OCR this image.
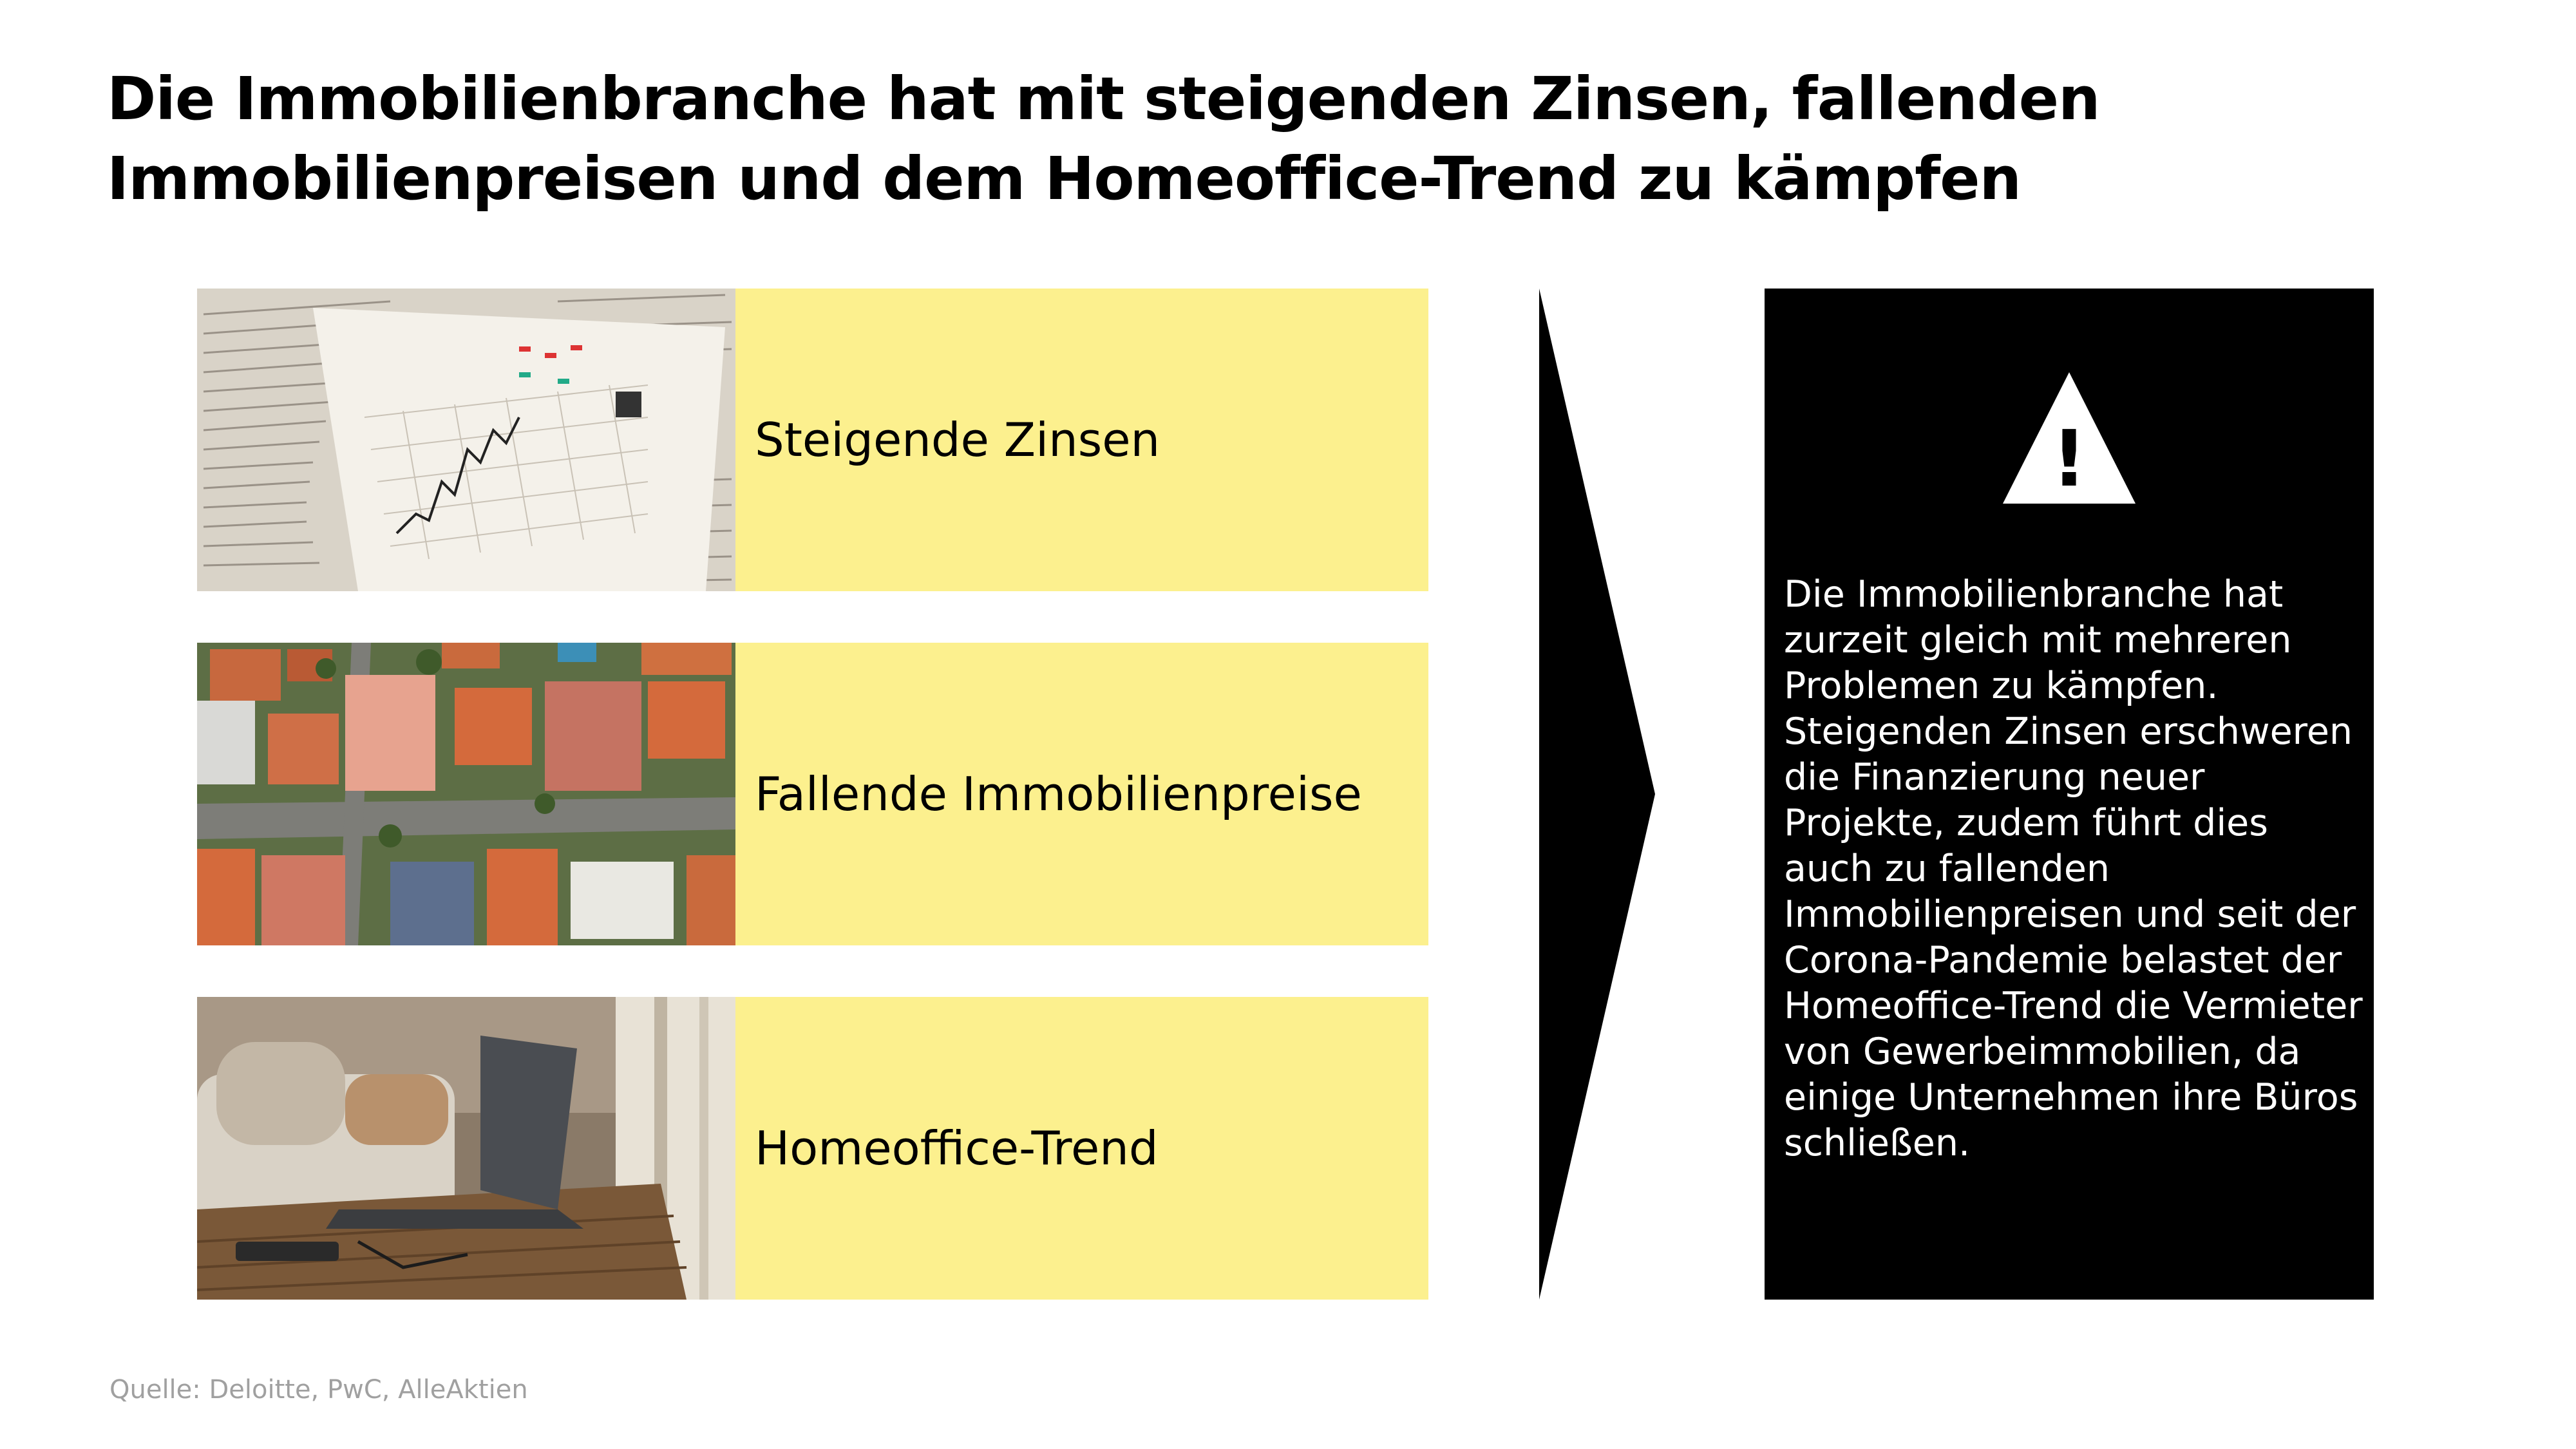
Die Immobilienbranche hat mit steigenden Zinsen, fallenden Immobilienpreisen und dem Homeoffice-Trend zu kämpfen
Steigende Zinsen
Fallende Immobilienpreise
Homeoffice-Trend
!
Die Immobilienbranche hat zurzeit gleich mit mehreren Problemen zu kämpfen. Steigenden Zinsen erschweren die Finanzierung neuer Projekte, zudem führt dies auch zu fallenden Immobilienpreisen und seit der Corona-Pandemie belastet der Homeoffice-Trend die Vermieter von Gewerbeimmobilien, da einige Unternehmen ihre Büros schließen.
Quelle: Deloitte, PwC, AlleAktien
